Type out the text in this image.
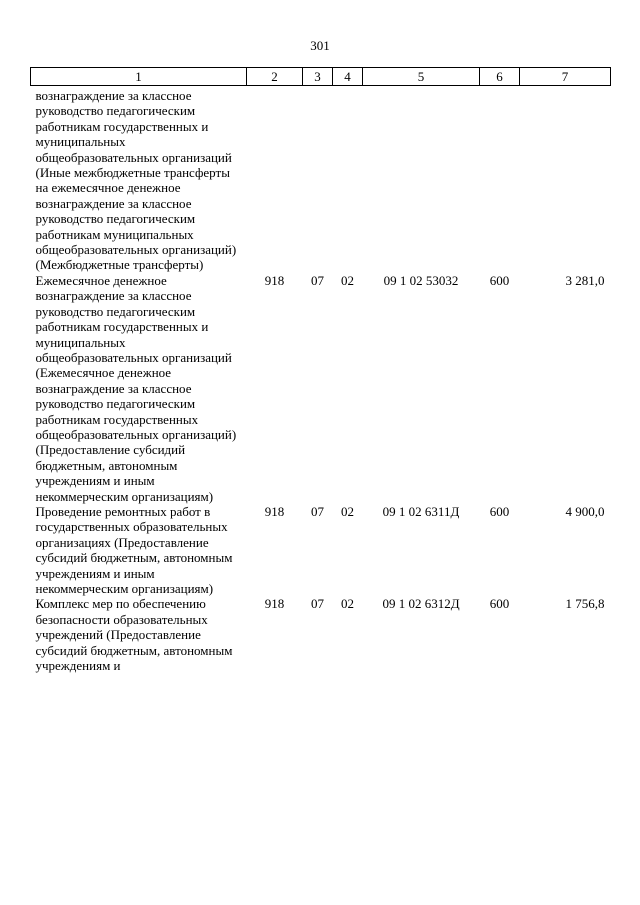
301
1	2	3	4	5	6	7
вознаграждение за классное руководство педагогическим работникам государственных и муниципальных общеобразовательных организаций (Иные межбюджетные трансферты на ежемесячное денежное вознаграждение за классное руководство педагогическим работникам муниципальных общеобразовательных организаций) (Межбюджетные трансферты)						
Ежемесячное денежное вознаграждение за классное руководство педагогическим работникам государственных и муниципальных общеобразовательных организаций (Ежемесячное денежное вознаграждение за классное руководство педагогическим работникам государственных общеобразовательных организаций) (Предоставление субсидий бюджетным, автономным учреждениям и иным некоммерческим организациям)	918	07	02	09 1 02 53032	600	3 281,0
Проведение ремонтных работ в государственных образовательных организациях (Предоставление субсидий бюджетным, автономным учреждениям и иным некоммерческим организациям)	918	07	02	09 1 02 6311Д	600	4 900,0
Комплекс мер по обеспечению безопасности образовательных учреждений (Предоставление субсидий бюджетным, автономным учреждениям и	918	07	02	09 1 02 6312Д	600	1 756,8
